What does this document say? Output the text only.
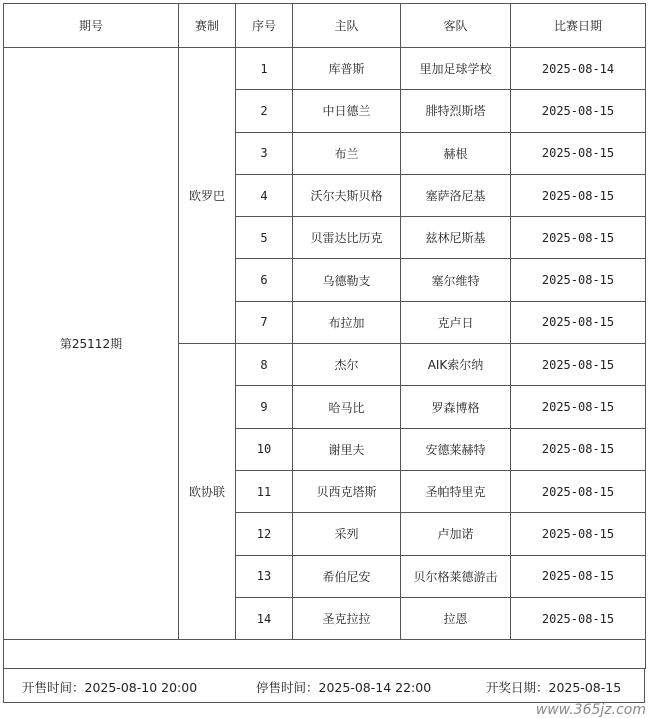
期号	赛制	序号	主队	客队	比赛日期
第25112期	欧罗巴	1	库普斯	里加足球学校	2025-08-14
		2	中日德兰	腓特烈斯塔	2025-08-15
		3	布兰	赫根	2025-08-15
		4	沃尔夫斯贝格	塞萨洛尼基	2025-08-15
		5	贝雷达比历克	兹林尼斯基	2025-08-15
		6	乌德勒支	塞尔维特	2025-08-15
		7	布拉加	克卢日	2025-08-15
	欧协联	8	杰尔	AIK索尔纳	2025-08-15
		9	哈马比	罗森博格	2025-08-15
		10	谢里夫	安德莱赫特	2025-08-15
		11	贝西克塔斯	圣帕特里克	2025-08-15
		12	采列	卢加诺	2025-08-15
		13	希伯尼安	贝尔格莱德游击	2025-08-15
		14	圣克拉拉	拉恩	2025-08-15

开售时间：2025-08-10 20:00	停售时间：2025-08-14 22:00	开奖日期：2025-08-15
www.365jz.com
